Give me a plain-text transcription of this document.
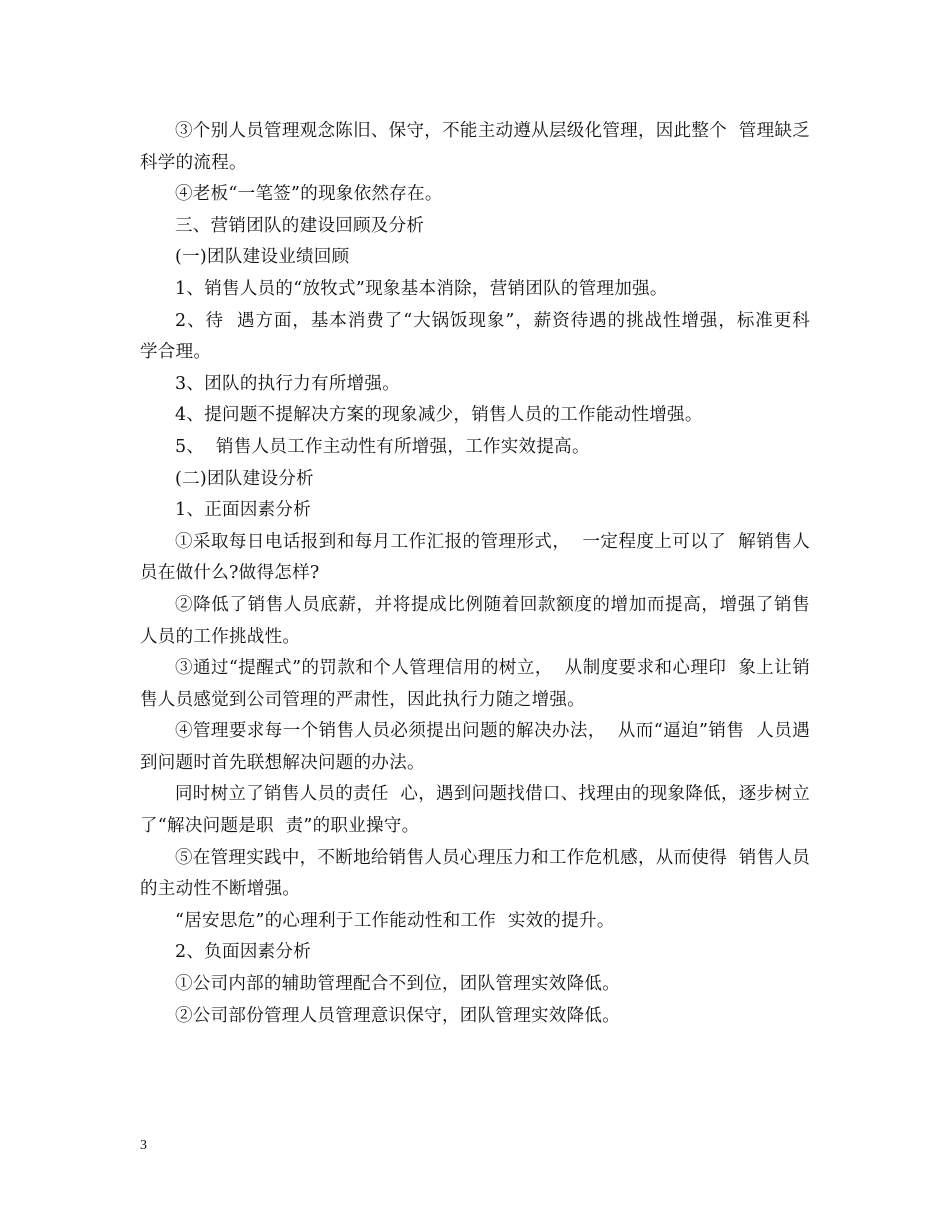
③个别人员管理观念陈旧、保守，不能主动遵从层级化管理，因此整个  管理缺乏科学的流程。

④老板“一笔签”的现象依然存在。

三、营销团队的建设回顾及分析

(一)团队建设业绩回顾

1、销售人员的“放牧式”现象基本消除，营销团队的管理加强。

2、待  遇方面，基本消费了“大锅饭现象”，薪资待遇的挑战性增强，标准更科  学合理。

3、团队的执行力有所增强。

4、提问题不提解决方案的现象减少，销售人员的工作能动性增强。

5、  销售人员工作主动性有所增强，工作实效提高。

(二)团队建设分析

1、正面因素分析

①采取每日电话报到和每月工作汇报的管理形式，  一定程度上可以了  解销售人员在做什么?做得怎样?

②降低了销售人员底薪，并将提成比例随着回款额度的增加而提高，增强了销售人员的工作挑战性。

③通过“提醒式”的罚款和个人管理信用的树立，  从制度要求和心理印  象上让销售人员感觉到公司管理的严肃性，因此执行力随之增强。

④管理要求每一个销售人员必须提出问题的解决办法，  从而“逼迫”销售  人员遇到问题时首先联想解决问题的办法。

同时树立了销售人员的责任  心，遇到问题找借口、找理由的现象降低，逐步树立了“解决问题是职  责”的职业操守。

⑤在管理实践中，不断地给销售人员心理压力和工作危机感，从而使得  销售人员的主动性不断增强。

“居安思危”的心理利于工作能动性和工作  实效的提升。

2、负面因素分析

①公司内部的辅助管理配合不到位，团队管理实效降低。

②公司部份管理人员管理意识保守，团队管理实效降低。

3
